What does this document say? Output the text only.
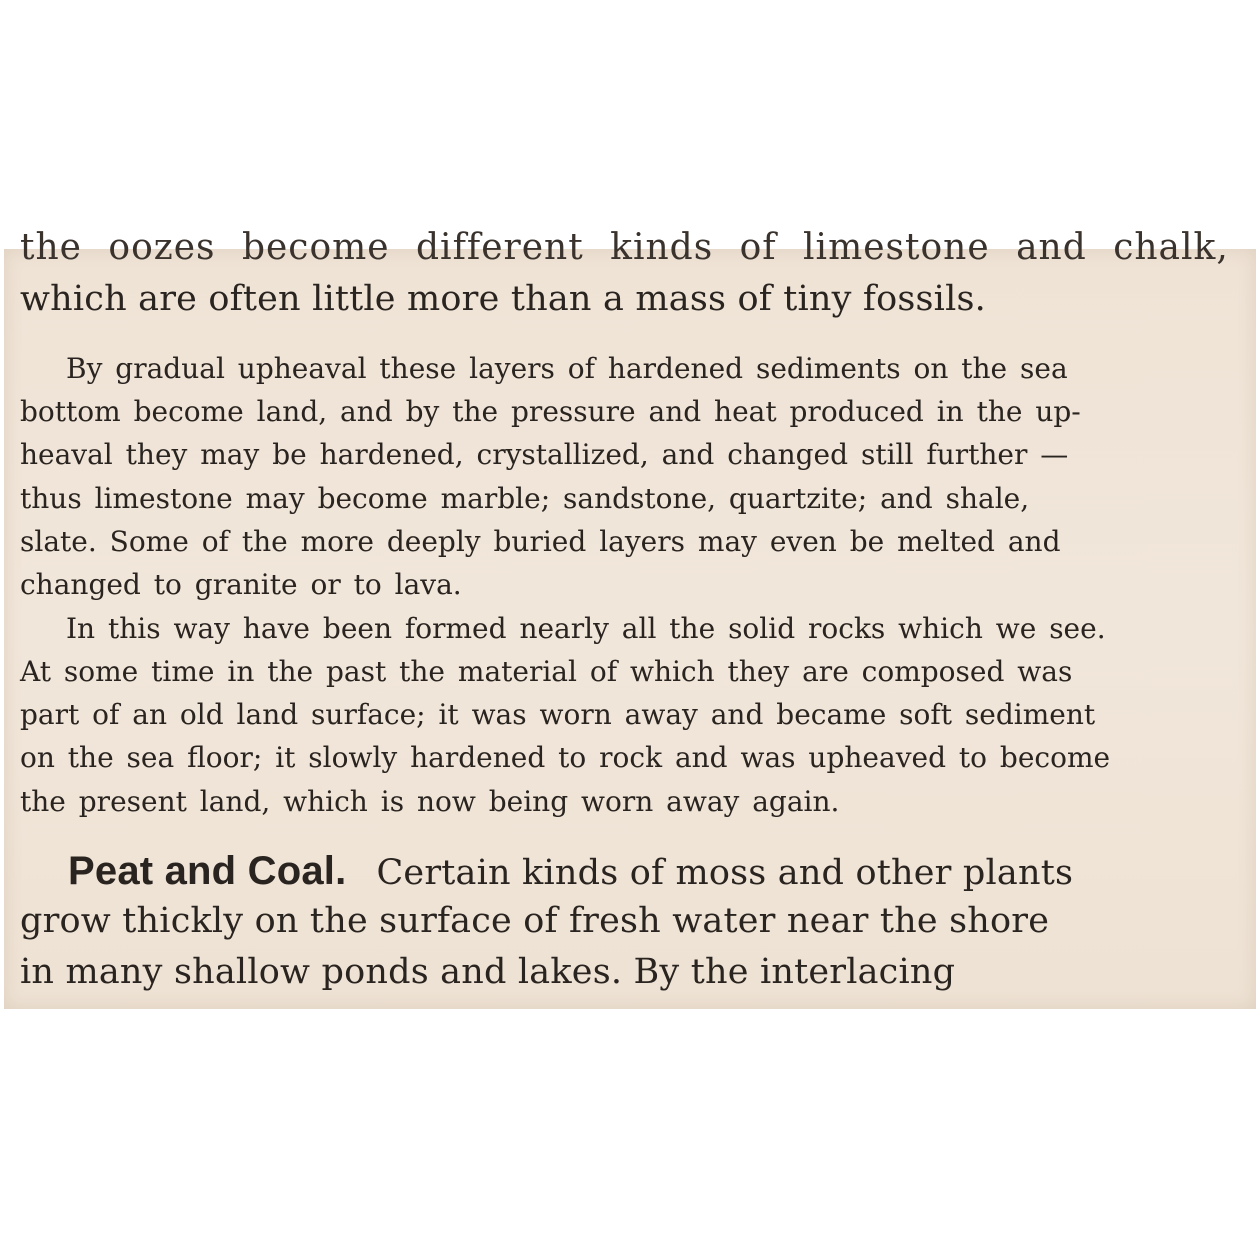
the oozes become different kinds of limestone and chalk,

which are often little more than a mass of tiny fossils.

By gradual upheaval these layers of hardened sediments on the sea

bottom become land, and by the pressure and heat produced in the up-

heaval they may be hardened, crystallized, and changed still further —

thus limestone may become marble; sandstone, quartzite; and shale,

slate. Some of the more deeply buried layers may even be melted and

changed to granite or to lava.

In this way have been formed nearly all the solid rocks which we see.

At some time in the past the material of which they are composed was

part of an old land surface; it was worn away and became soft sediment

on the sea floor; it slowly hardened to rock and was upheaved to become

the present land, which is now being worn away again.

Peat and Coal. Certain kinds of moss and other plants

grow thickly on the surface of fresh water near the shore

in many shallow ponds and lakes. By the interlacing
